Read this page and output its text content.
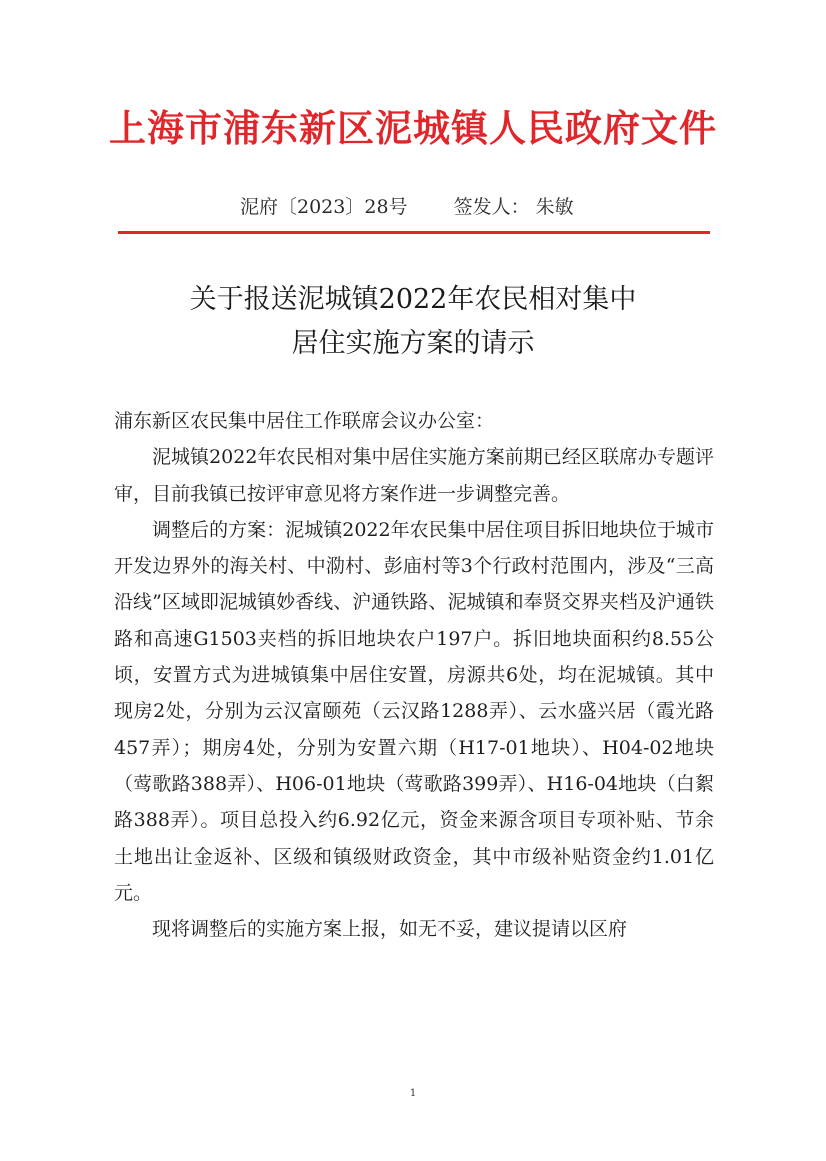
上海市浦东新区泥城镇人民政府文件
泥府〔2023〕28号 签发人： 朱敏
关于报送泥城镇2022年农民相对集中
居住实施方案的请示

浦东新区农民集中居住工作联席会议办公室：

泥城镇2022年农民相对集中居住实施方案前期已经区联席办专题评审，目前我镇已按评审意见将方案作进一步调整完善。

调整后的方案：泥城镇2022年农民集中居住项目拆旧地块位于城市开发边界外的海关村、中泐村、彭庙村等3个行政村范围内，涉及“三高沿线”区域即泥城镇妙香线、沪通铁路、泥城镇和奉贤交界夹档及沪通铁路和高速G1503夹档的拆旧地块农户197户。拆旧地块面积约8.55公顷，安置方式为进城镇集中居住安置，房源共6处，均在泥城镇。其中现房2处，分别为云汉富颐苑（云汉路1288弄）、云水盛兴居（霞光路457弄）；期房4处，分别为安置六期（H17-01地块）、H04-02地块（莺歌路388弄）、H06-01地块（莺歌路399弄）、H16-04地块（白絮路388弄）。项目总投入约6.92亿元，资金来源含项目专项补贴、节余土地出让金返补、区级和镇级财政资金，其中市级补贴资金约1.01亿元。

现将调整后的实施方案上报，如无不妥，建议提请以区府

1
